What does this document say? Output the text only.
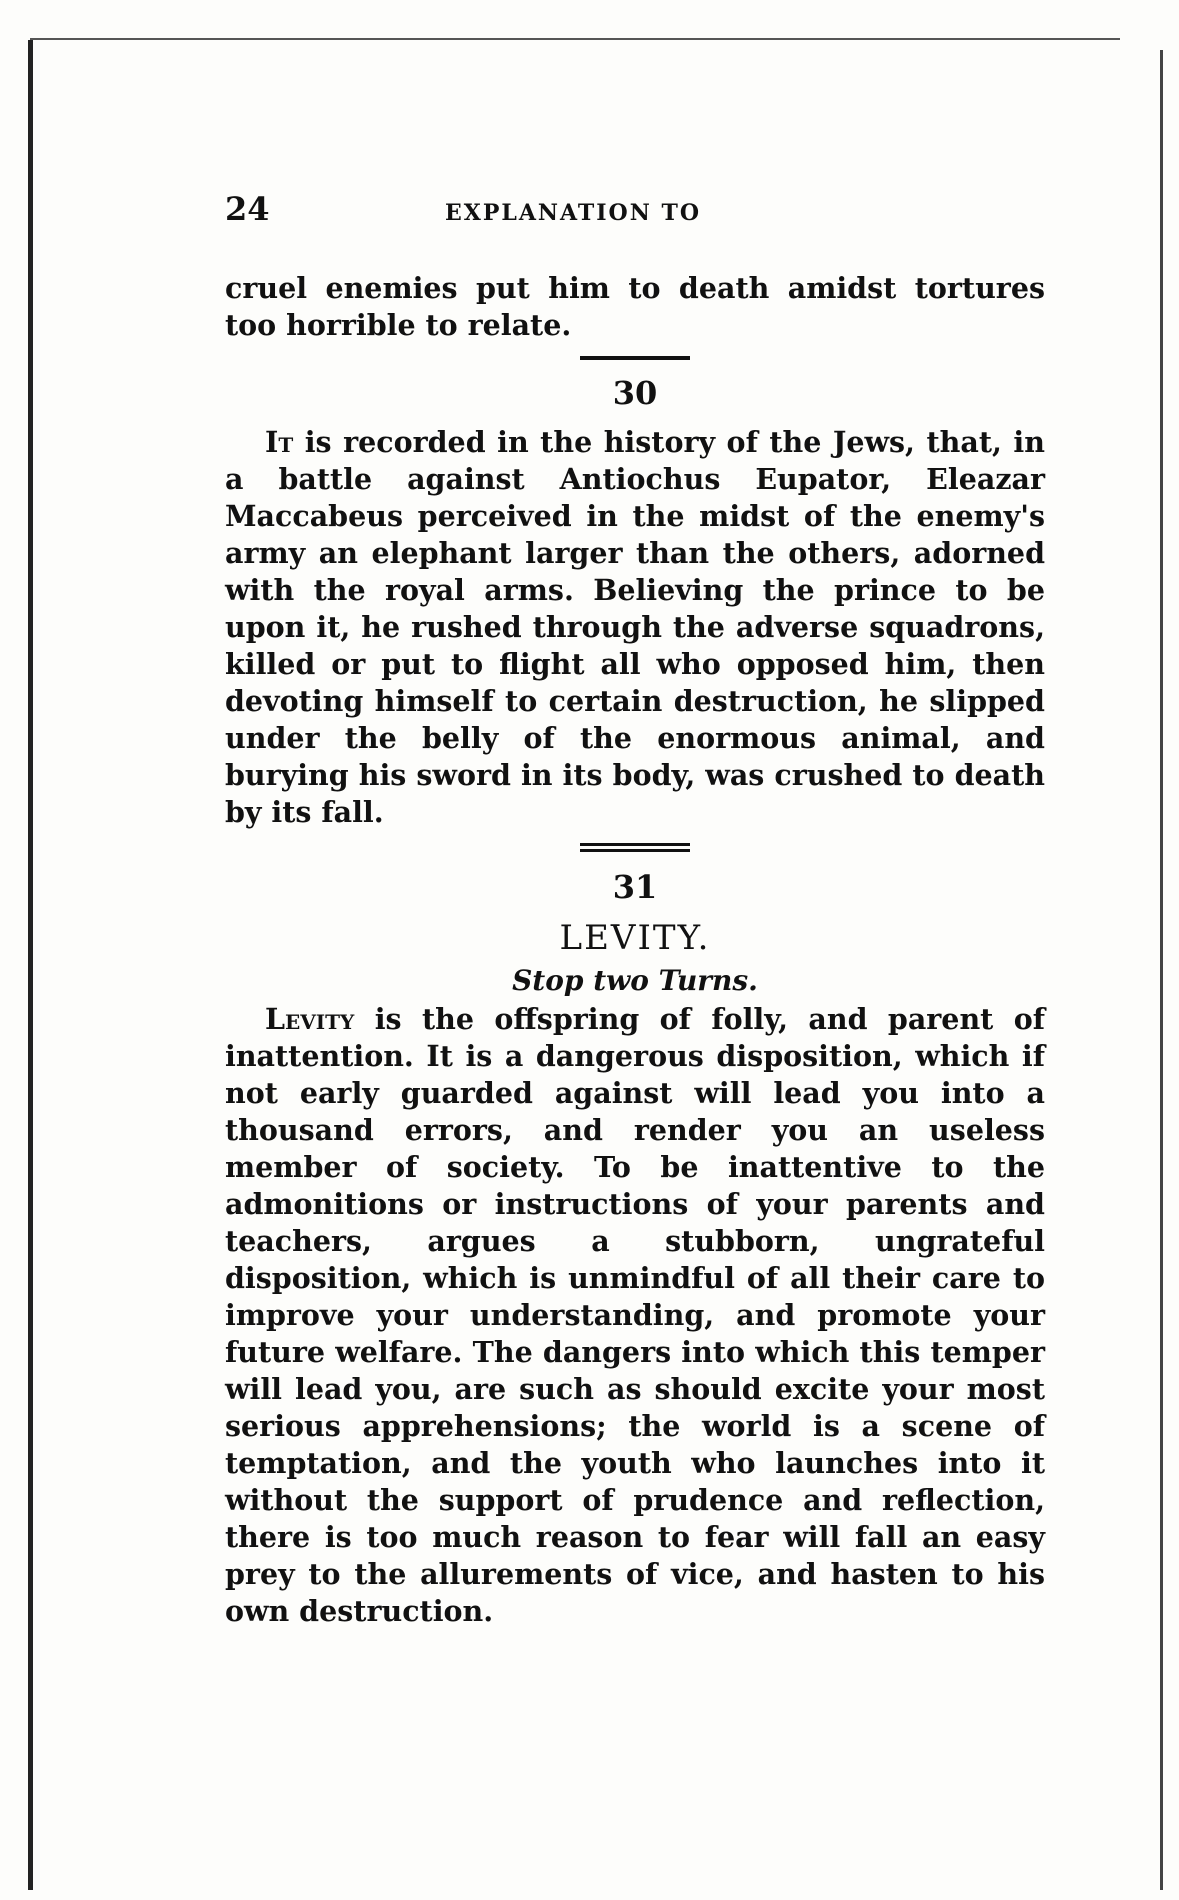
24	EXPLANATION TO

cruel enemies put him to death amidst tortures too horrible to relate.

30

It is recorded in the history of the Jews, that, in a battle against Antiochus Eupator, Eleazar Maccabeus perceived in the midst of the enemy's army an elephant larger than the others, adorned with the royal arms. Believing the prince to be upon it, he rushed through the adverse squadrons, killed or put to flight all who opposed him, then devoting himself to certain destruction, he slipped under the belly of the enormous animal, and burying his sword in its body, was crushed to death by its fall.

31
LEVITY.
Stop two Turns.

Levity is the offspring of folly, and parent of inattention. It is a dangerous disposition, which if not early guarded against will lead you into a thousand errors, and render you an useless member of society. To be inattentive to the admonitions or instructions of your parents and teachers, argues a stubborn, ungrateful disposition, which is unmindful of all their care to improve your understanding, and promote your future welfare. The dangers into which this temper will lead you, are such as should excite your most serious apprehensions; the world is a scene of temptation, and the youth who launches into it without the support of prudence and reflection, there is too much reason to fear will fall an easy prey to the allurements of vice, and hasten to his own destruction.
